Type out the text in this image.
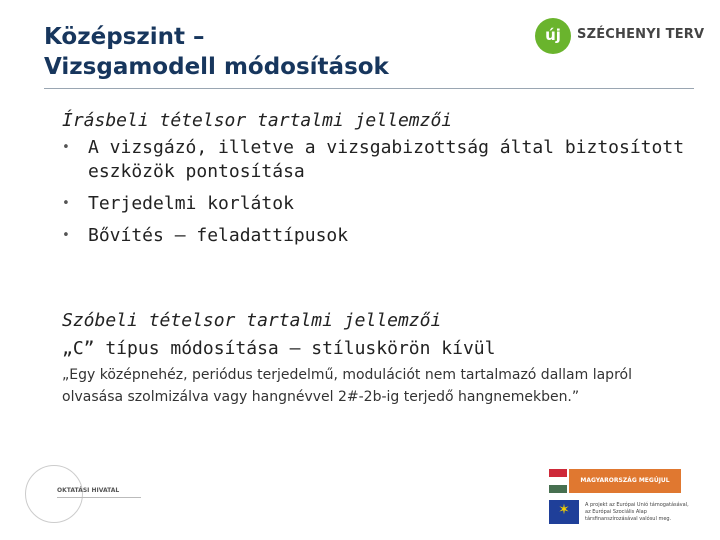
Középszint –
Vizsgamodell módosítások
új	SZÉCHENYI TERV
Írásbeli tételsor tartalmi jellemzői
• A vizsgázó, illetve a vizsgabizottság által biztosított eszközök pontosítása
• Terjedelmi korlátok
• Bővítés – feladattípusok
Szóbeli tételsor tartalmi jellemzői
„C” típus módosítása – stíluskörön kívül
„Egy középnehéz, periódus terjedelmű, modulációt nem tartalmazó dallam lapról olvasása szolmizálva vagy hangnévvel 2#-2b-ig terjedő hangnemekben.”
OKTATÁSI HIVATAL
MAGYARORSZÁG MEGÚJUL
✶	A projekt az Európai Unió támogatásával, az Európai Szociális Alap társfinanszírozásával valósul meg.
